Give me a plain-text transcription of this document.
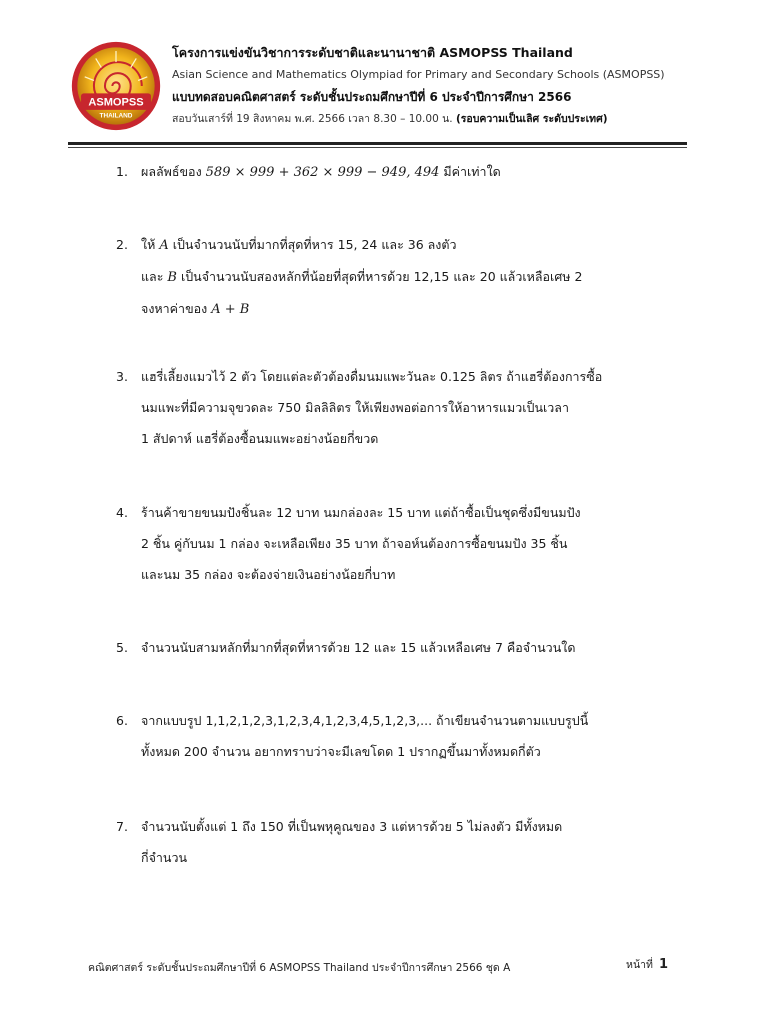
ASMOPSS
THAILAND
โครงการแข่งขันวิชาการระดับชาติและนานาชาติ ASMOPSS Thailand
Asian Science and Mathematics Olympiad for Primary and Secondary Schools (ASMOPSS)
แบบทดสอบคณิตศาสตร์ ระดับชั้นประถมศึกษาปีที่ 6 ประจำปีการศึกษา 2566
สอบวันเสาร์ที่ 19 สิงหาคม พ.ศ. 2566 เวลา 8.30 – 10.00 น. (รอบความเป็นเลิศ ระดับประเทศ)
1.	ผลลัพธ์ของ 589 × 999 + 362 × 999 − 949, 494 มีค่าเท่าใด
2.	ให้ A เป็นจำนวนนับที่มากที่สุดที่หาร 15, 24 และ 36 ลงตัว
และ B เป็นจำนวนนับสองหลักที่น้อยที่สุดที่หารด้วย 12,15 และ 20 แล้วเหลือเศษ 2
จงหาค่าของ A + B
3.	แฮรี่เลี้ยงแมวไว้ 2 ตัว โดยแต่ละตัวต้องดื่มนมแพะวันละ 0.125 ลิตร ถ้าแฮรี่ต้องการซื้อ
นมแพะที่มีความจุขวดละ 750 มิลลิลิตร ให้เพียงพอต่อการให้อาหารแมวเป็นเวลา
1 สัปดาห์ แฮรี่ต้องซื้อนมแพะอย่างน้อยกี่ขวด
4.	ร้านค้าขายขนมปังชิ้นละ 12 บาท นมกล่องละ 15 บาท แต่ถ้าซื้อเป็นชุดซึ่งมีขนมปัง
2 ชิ้น คู่กับนม 1 กล่อง จะเหลือเพียง 35 บาท ถ้าจอห์นต้องการซื้อขนมปัง 35 ชิ้น
และนม 35 กล่อง จะต้องจ่ายเงินอย่างน้อยกี่บาท
5.	จำนวนนับสามหลักที่มากที่สุดที่หารด้วย 12 และ 15 แล้วเหลือเศษ 7 คือจำนวนใด
6.	จากแบบรูป 1,1,2,1,2,3,1,2,3,4,1,2,3,4,5,1,2,3,... ถ้าเขียนจำนวนตามแบบรูปนี้
ทั้งหมด 200 จำนวน อยากทราบว่าจะมีเลขโดด 1 ปรากฏขึ้นมาทั้งหมดกี่ตัว
7.	จำนวนนับตั้งแต่ 1 ถึง 150 ที่เป็นพหุคูณของ 3 แต่หารด้วย 5 ไม่ลงตัว มีทั้งหมด
กี่จำนวน
คณิตศาสตร์ ระดับชั้นประถมศึกษาปีที่ 6 ASMOPSS Thailand ประจำปีการศึกษา 2566 ชุด A	หน้าที่ 1
